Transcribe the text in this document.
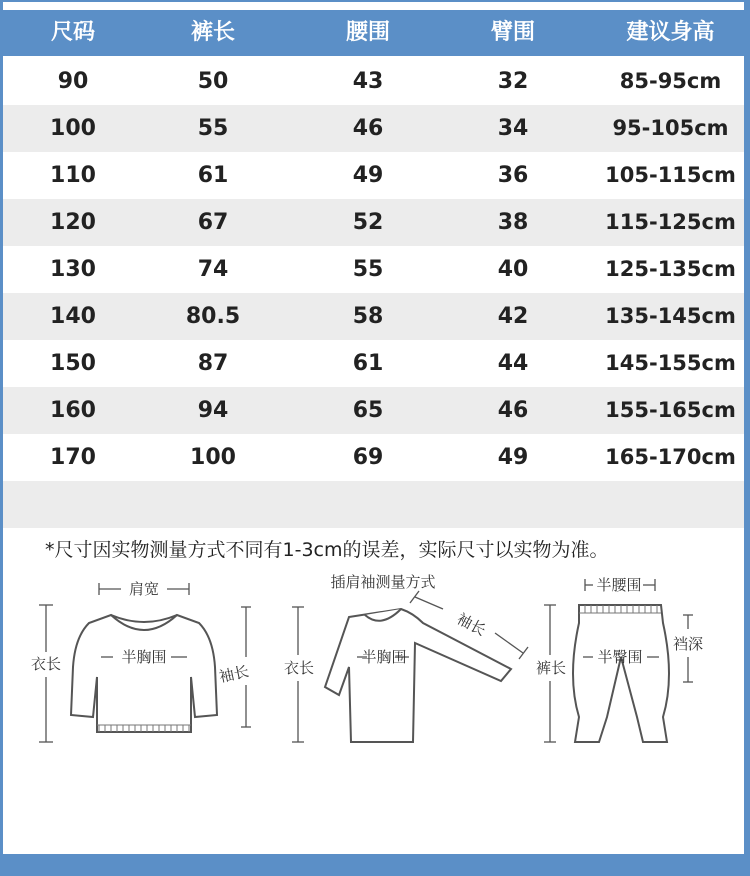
尺码	裤长	腰围	臂围	建议身高
90	50	43	32	85-95cm
100	55	46	34	95-105cm
110	61	49	36	105-115cm
120	67	52	38	115-125cm
130	74	55	40	125-135cm
140	80.5	58	42	135-145cm
150	87	61	44	145-155cm
160	94	65	46	155-165cm
170	100	69	49	165-170cm
*尺寸因实物测量方式不同有1-3cm的误差，实际尺寸以实物为准。
肩宽
衣长	半胸围
袖长
插肩袖测量方式
衣长
半胸围
袖长
半腰围
裤长
半臀围
裆深
